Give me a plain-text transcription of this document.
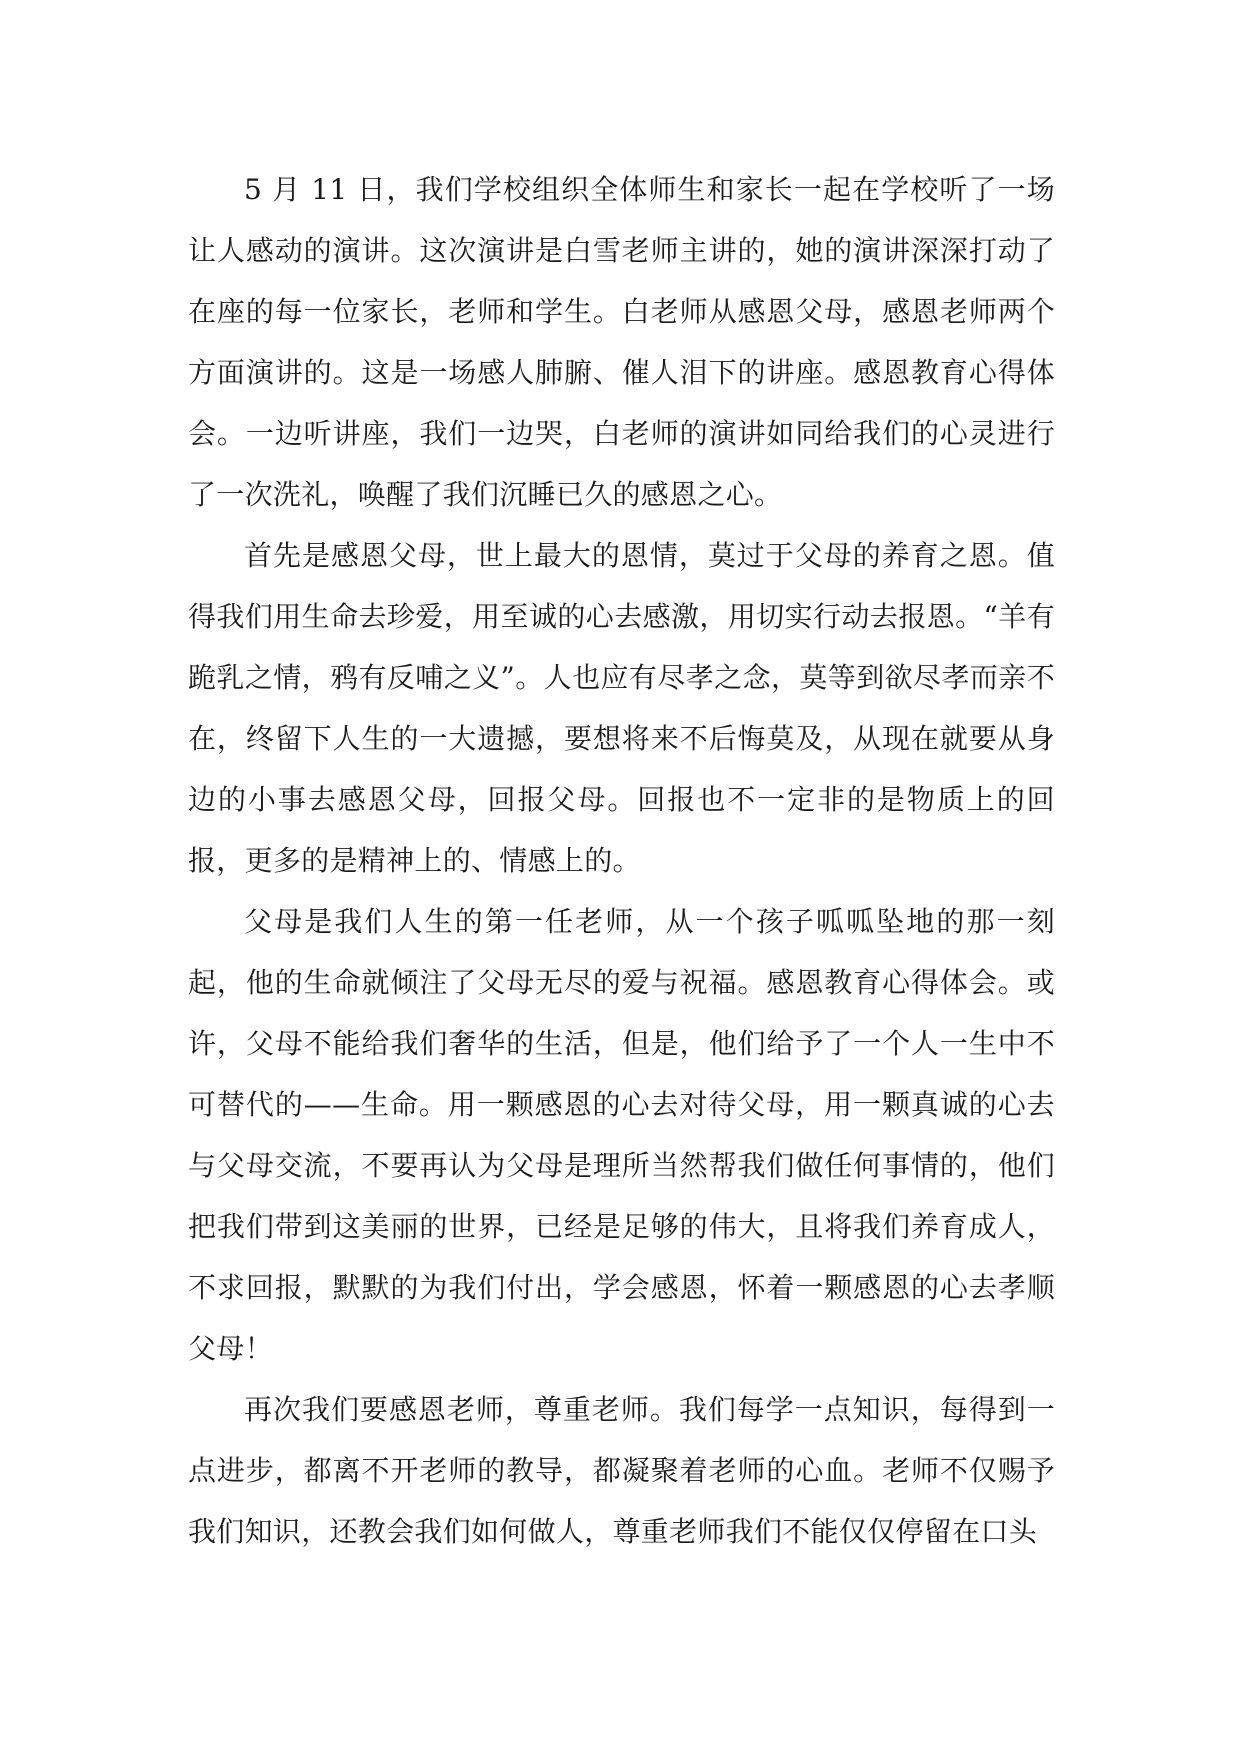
5 月 11 日，我们学校组织全体师生和家长一起在学校听了一场让人感动的演讲。这次演讲是白雪老师主讲的，她的演讲深深打动了在座的每一位家长，老师和学生。白老师从感恩父母，感恩老师两个方面演讲的。这是一场感人肺腑、催人泪下的讲座。感恩教育心得体会。一边听讲座，我们一边哭，白老师的演讲如同给我们的心灵进行了一次洗礼，唤醒了我们沉睡已久的感恩之心。

首先是感恩父母，世上最大的恩情，莫过于父母的养育之恩。值得我们用生命去珍爱，用至诚的心去感激，用切实行动去报恩。“羊有跪乳之情，鸦有反哺之义”。人也应有尽孝之念，莫等到欲尽孝而亲不在，终留下人生的一大遗撼，要想将来不后悔莫及，从现在就要从身边的小事去感恩父母，回报父母。回报也不一定非的是物质上的回报，更多的是精神上的、情感上的。

父母是我们人生的第一任老师，从一个孩子呱呱坠地的那一刻起，他的生命就倾注了父母无尽的爱与祝福。感恩教育心得体会。或许，父母不能给我们奢华的生活，但是，他们给予了一个人一生中不可替代的——生命。用一颗感恩的心去对待父母，用一颗真诚的心去与父母交流，不要再认为父母是理所当然帮我们做任何事情的，他们把我们带到这美丽的世界，已经是足够的伟大，且将我们养育成人，不求回报，默默的为我们付出，学会感恩，怀着一颗感恩的心去孝顺父母！

再次我们要感恩老师，尊重老师。我们每学一点知识，每得到一点进步，都离不开老师的教导，都凝聚着老师的心血。老师不仅赐予我们知识，还教会我们如何做人，尊重老师我们不能仅仅停留在口头
